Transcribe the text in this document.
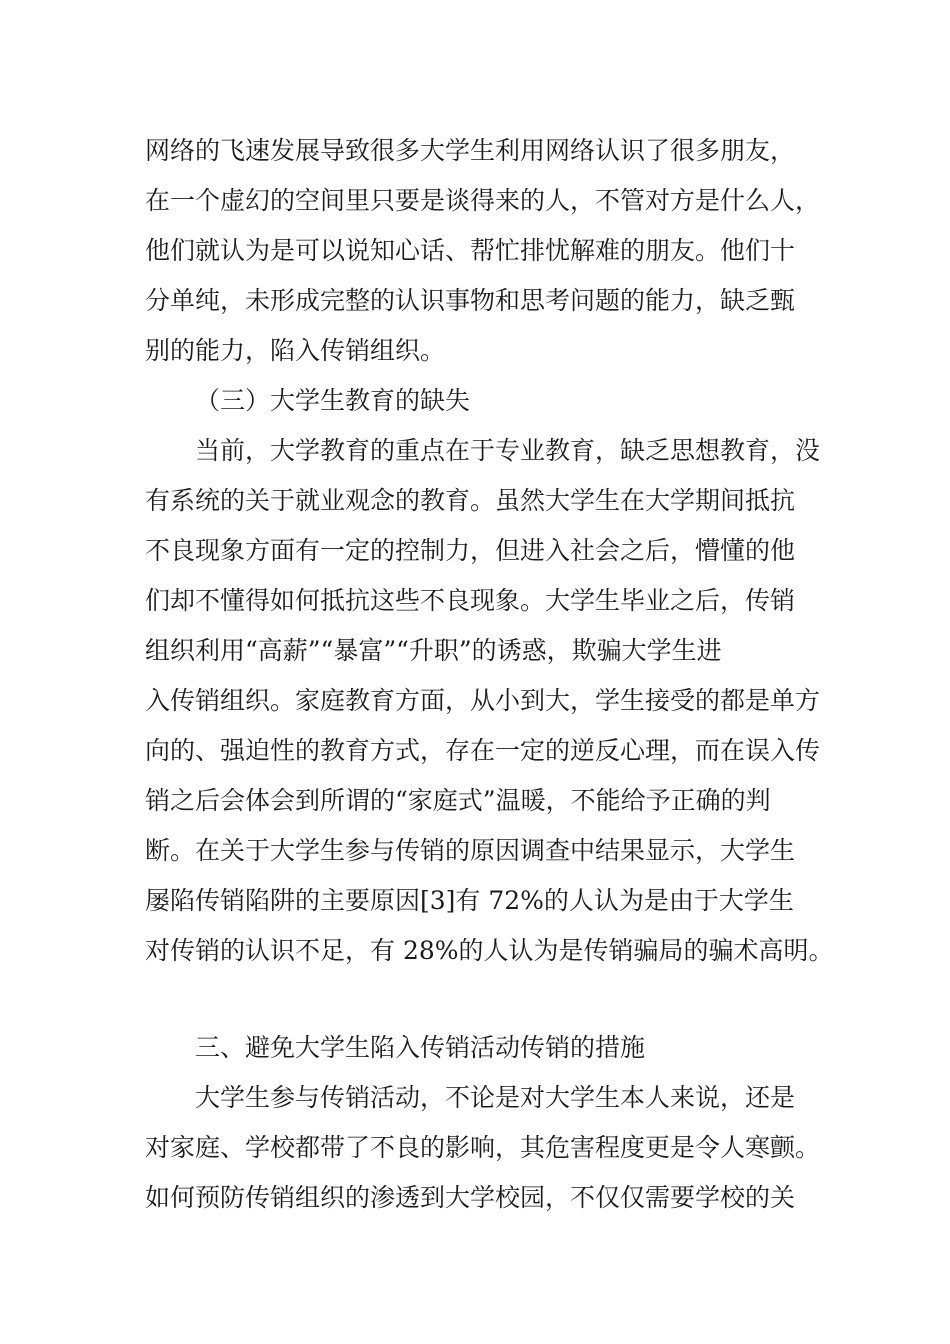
网络的飞速发展导致很多大学生利用网络认识了很多朋友，
在一个虚幻的空间里只要是谈得来的人，不管对方是什么人，
他们就认为是可以说知心话、帮忙排忧解难的朋友。他们十
分单纯，未形成完整的认识事物和思考问题的能力，缺乏甄
别的能力，陷入传销组织。
（三）大学生教育的缺失
当前，大学教育的重点在于专业教育，缺乏思想教育，没
有系统的关于就业观念的教育。虽然大学生在大学期间抵抗
不良现象方面有一定的控制力，但进入社会之后，懵懂的他
们却不懂得如何抵抗这些不良现象。大学生毕业之后，传销
组织利用“高薪”“暴富”“升职”的诱惑，欺骗大学生进
入传销组织。家庭教育方面，从小到大，学生接受的都是单方
向的、强迫性的教育方式，存在一定的逆反心理，而在误入传
销之后会体会到所谓的“家庭式”温暖，不能给予正确的判
断。在关于大学生参与传销的原因调查中结果显示，大学生
屡陷传销陷阱的主要原因[3]有 72%的人认为是由于大学生
对传销的认识不足，有 28%的人认为是传销骗局的骗术高明。
三、避免大学生陷入传销活动传销的措施
大学生参与传销活动，不论是对大学生本人来说，还是
对家庭、学校都带了不良的影响，其危害程度更是令人寒颤。
如何预防传销组织的渗透到大学校园，不仅仅需要学校的关
